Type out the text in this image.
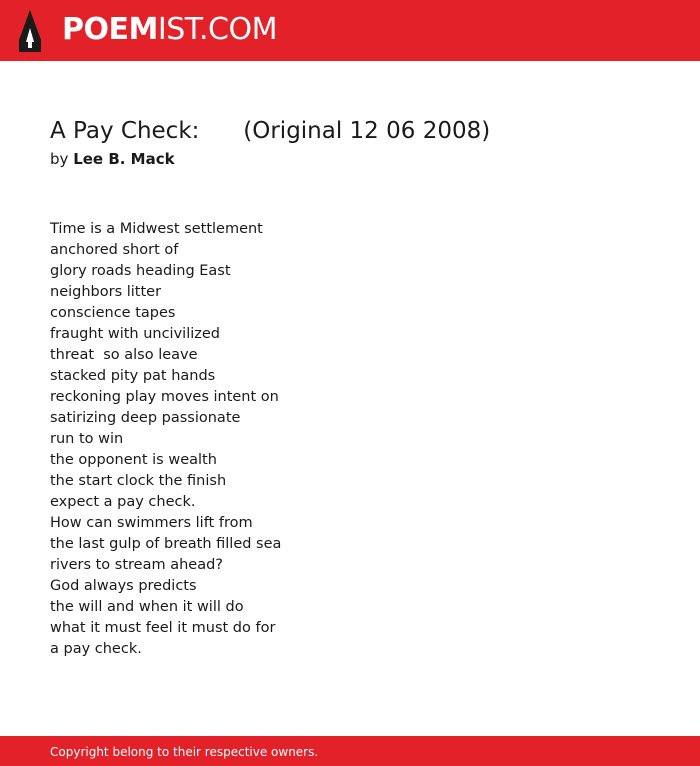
POEMIST.COM
A Pay Check:      (Original 12 06 2008)
by Lee B. Mack
Time is a Midwest settlement
anchored short of
glory roads heading East
neighbors litter
conscience tapes
fraught with uncivilized
threat  so also leave
stacked pity pat hands
reckoning play moves intent on
satirizing deep passionate
run to win
the opponent is wealth
the start clock the finish
expect a pay check.
How can swimmers lift from
the last gulp of breath filled sea
rivers to stream ahead?
God always predicts
the will and when it will do
what it must feel it must do for
a pay check.
Copyright belong to their respective owners.
